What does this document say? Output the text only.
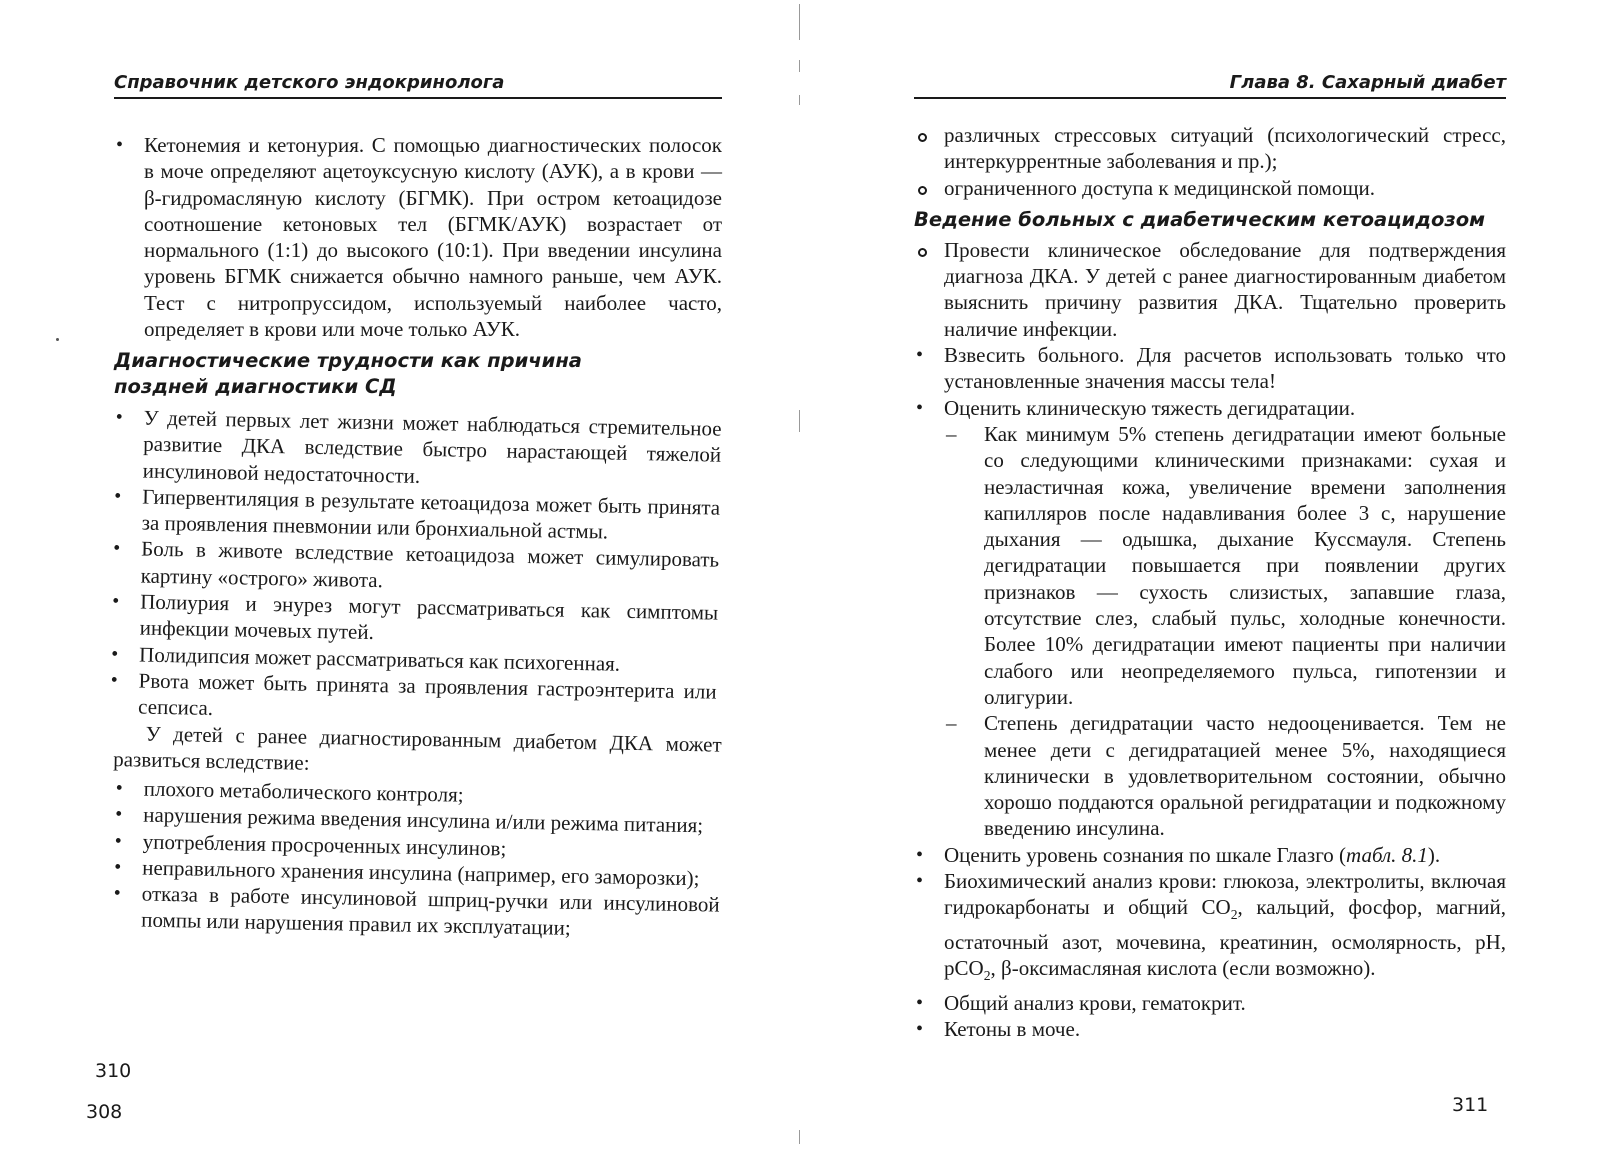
Справочник детского эндокринолога
• Кетонемия и кетонурия. С помощью диагностических полосок в моче определяют ацетоуксусную кислоту (АУК), а в крови — β-гидромасляную кислоту (БГМК). При остром кетоацидозе соотношение кетоновых тел (БГМК/АУК) возрастает от нормального (1:1) до высокого (10:1). При введении инсулина уровень БГМК снижается обычно намного раньше, чем АУК. Тест с нитропруссидом, используемый наиболее часто, определяет в крови или моче только АУК.
Диагностические трудности как причина
поздней диагностики СД
• У детей первых лет жизни может наблюдаться стремительное развитие ДКА вследствие быстро нарастающей тяжелой инсулиновой недостаточности.
• Гипервентиляция в результате кетоацидоза может быть принята за проявления пневмонии или бронхиальной астмы.
• Боль в животе вследствие кетоацидоза может симулировать картину «острого» живота.
• Полиурия и энурез могут рассматриваться как симптомы инфекции мочевых путей.
• Полидипсия может рассматриваться как психогенная.
• Рвота может быть принята за проявления гастроэнтерита или сепсиса.

У детей с ранее диагностированным диабетом ДКА может развиться вследствие:

• плохого метаболического контроля;
• нарушения режима введения инсулина и/или режима питания;
• употребления просроченных инсулинов;
• неправильного хранения инсулина (например, его заморозки);
• отказа в работе инсулиновой шприц-ручки или инсулиновой помпы или нарушения правил их эксплуатации;
310
308
Глава 8. Сахарный диабет
различных стрессовых ситуаций (психологический стресс, интеркуррентные заболевания и пр.);
ограниченного доступа к медицинской помощи.
Ведение больных с диабетическим кетоацидозом
Провести клиническое обследование для подтверждения диагноза ДКА. У детей с ранее диагностированным диабетом выяснить причину развития ДКА. Тщательно проверить наличие инфекции.
• Взвесить больного. Для расчетов использовать только что установленные значения массы тела!
• Оценить клиническую тяжесть дегидратации.
– Как минимум 5% степень дегидратации имеют больные со следующими клиническими признаками: сухая и неэластичная кожа, увеличение времени заполнения капилляров после надавливания более 3 с, нарушение дыхания — одышка, дыхание Куссмауля. Степень дегидратации повышается при появлении других признаков — сухость слизистых, запавшие глаза, отсутствие слез, слабый пульс, холодные конечности. Более 10% дегидратации имеют пациенты при наличии слабого или неопределяемого пульса, гипотензии и олигурии.
– Степень дегидратации часто недооценивается. Тем не менее дети с дегидратацией менее 5%, находящиеся клинически в удовлетворительном состоянии, обычно хорошо поддаются оральной регидратации и подкожному введению инсулина.
• Оценить уровень сознания по шкале Глазго (табл. 8.1).
• Биохимический анализ крови: глюкоза, электролиты, включая гидрокарбонаты и общий $СО_2$, кальций, фосфор, магний, остаточный азот, мочевина, креатинин, осмолярность, рН, рСО$_2$, β-оксимасляная кислота (если возможно).
• Общий анализ крови, гематокрит.
• Кетоны в моче.
311
